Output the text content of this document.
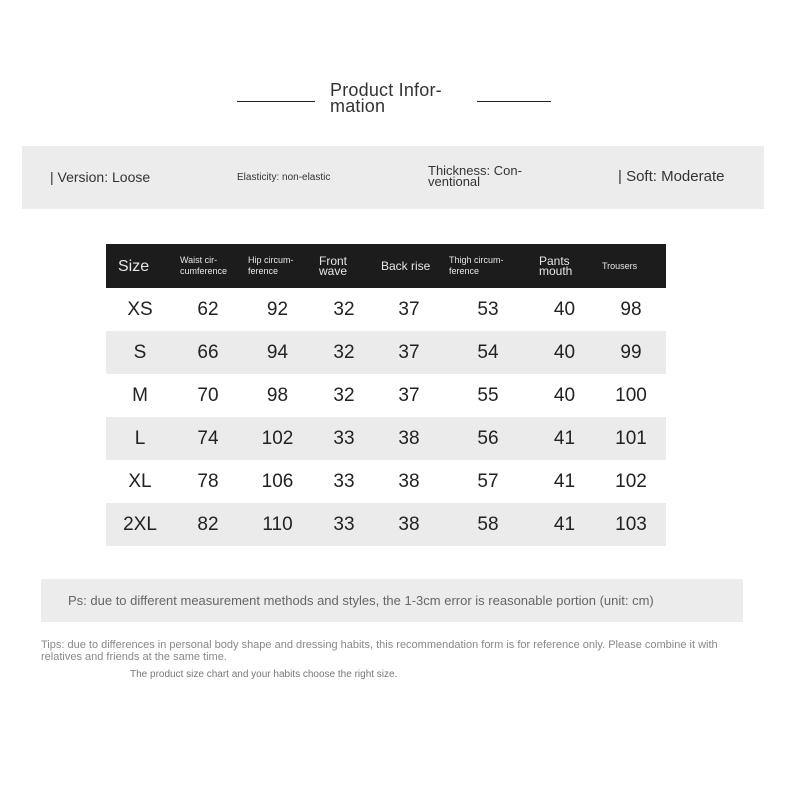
Product Infor- mation
| Version: Loose	Elasticity: non-elastic	Thickness: Con- ventional	| Soft: Moderate
Size	Waist cir- cumference	Hip circum- ference	Front wave	Back rise	Thigh circum- ference	Pants mouth	Trousers
XS	62	92	32	37	53	40	98
S	66	94	32	37	54	40	99
M	70	98	32	37	55	40	100
L	74	102	33	38	56	41	101
XL	78	106	33	38	57	41	102
2XL	82	110	33	38	58	41	103
Ps: due to different measurement methods and styles, the 1-3cm error is reasonable portion (unit: cm)
Tips: due to differences in personal body shape and dressing habits, this recommendation form is for reference only. Please combine it with relatives and friends at the same time.
The product size chart and your habits choose the right size.
